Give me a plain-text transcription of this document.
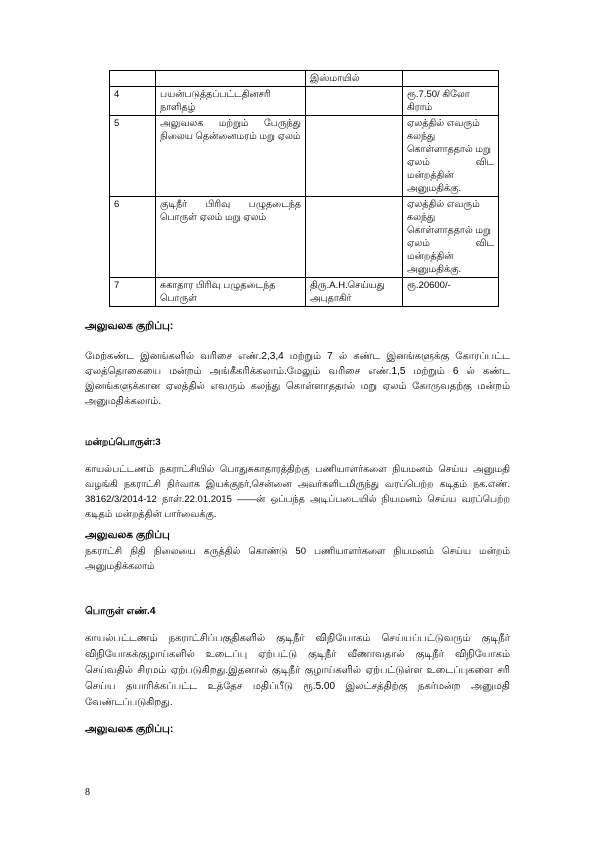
		இஸ்மாயில்	
4	பயன்படுத்தப்பட்டதினசரி நாளிதழ்		ரூ.7.50/ கிலோ கிராம்
5	அலுவலக மற்றும் பேருந்து நிலைய தென்னைமரம் மறு ஏலம்		ஏலத்தில் எவரும்
கலந்து
கொள்ளாததால் மறு
ஏலம் விட மன்றத்தின்
அனுமதிக்கு.

6	குடிநீர் பிரிவு பழுதடைந்த பொருள் ஏலம் மறு ஏலம்		ஏலத்தில் எவரும்
கலந்து
கொள்ளாததால் மறு
ஏலம் விட மன்றத்தின்
அனுமதிக்கு.

7	சுகாதார பிரிவு பழுதடைந்த பொருள்	திரு.A.H.செய்யது அபுதாகிர்	ரூ.20600/-
அலுவலக குறிப்பு:
மேற்கண்ட இனங்களில் வரிசை எண்.2,3,4 மற்றும் 7 ல் கண்ட இனங்களுக்கு கோரப்பட்ட ஏலத்தொகையை மன்றம் அங்கீகரிக்கலாம்.மேலும் வரிசை எண்.1,5 மற்றும் 6 ல் கண்ட இனங்களுக்கான ஏலத்தில் எவரும் கலந்து கொள்ளாததால் மறு ஏலம் கோருவதற்கு மன்றம் அனுமதிக்கலாம்.
மன்றப்பொருள்:3
காயல்பட்டணம் நகராட்சியில் பொதுசுகாதாரத்திற்கு பணியாளர்களை நியமனம் செய்ய அனுமதி வழங்கி நகராட்சி நிர்வாக இயக்குநர்,சென்னை அவர்களிடமிருந்து வரப்பெற்ற கடிதம் நக.எண். 38162/3/2014-12 நாள்.22.01.2015 ——ன் ஒப்பந்த அடிப்படையில் நியமனம் செய்ய வரப்பெற்ற கடிதம் மன்றத்தின் பார்வைக்கு.
அலுவலக குறிப்பு
நகராட்சி நிதி நிலையை கருத்தில் கொண்டு 50 பணியாளர்களை நியமனம் செய்ய மன்றம் அனுமதிக்கலாம்
பொருள் எண்.4
காயல்பட்டணம் நகராட்சிப்பகுதிகளில் குடிநீர் விநியோகம் செய்யப்பட்டுவரும் குடிநீர் விநியோகக்குழாய்களில் உடைப்பு ஏற்பட்டு குடிநீர் வீணாவதால் குடிநீர் விநியோகம் செய்வதில் சிரமம் ஏற்படுகிறது.இதனால் குடிநீர் குழாய்களில் ஏற்பட்டுள்ள உடைப்புகளை சரி செய்ய தயாரிக்கப்பட்ட உத்தேச மதிப்பீடு ரூ.5.00 இலட்சத்திற்கு நகர்மன்ற அனுமதி வேண்டப்படுகிறது.
அலுவலக குறிப்பு:
8
